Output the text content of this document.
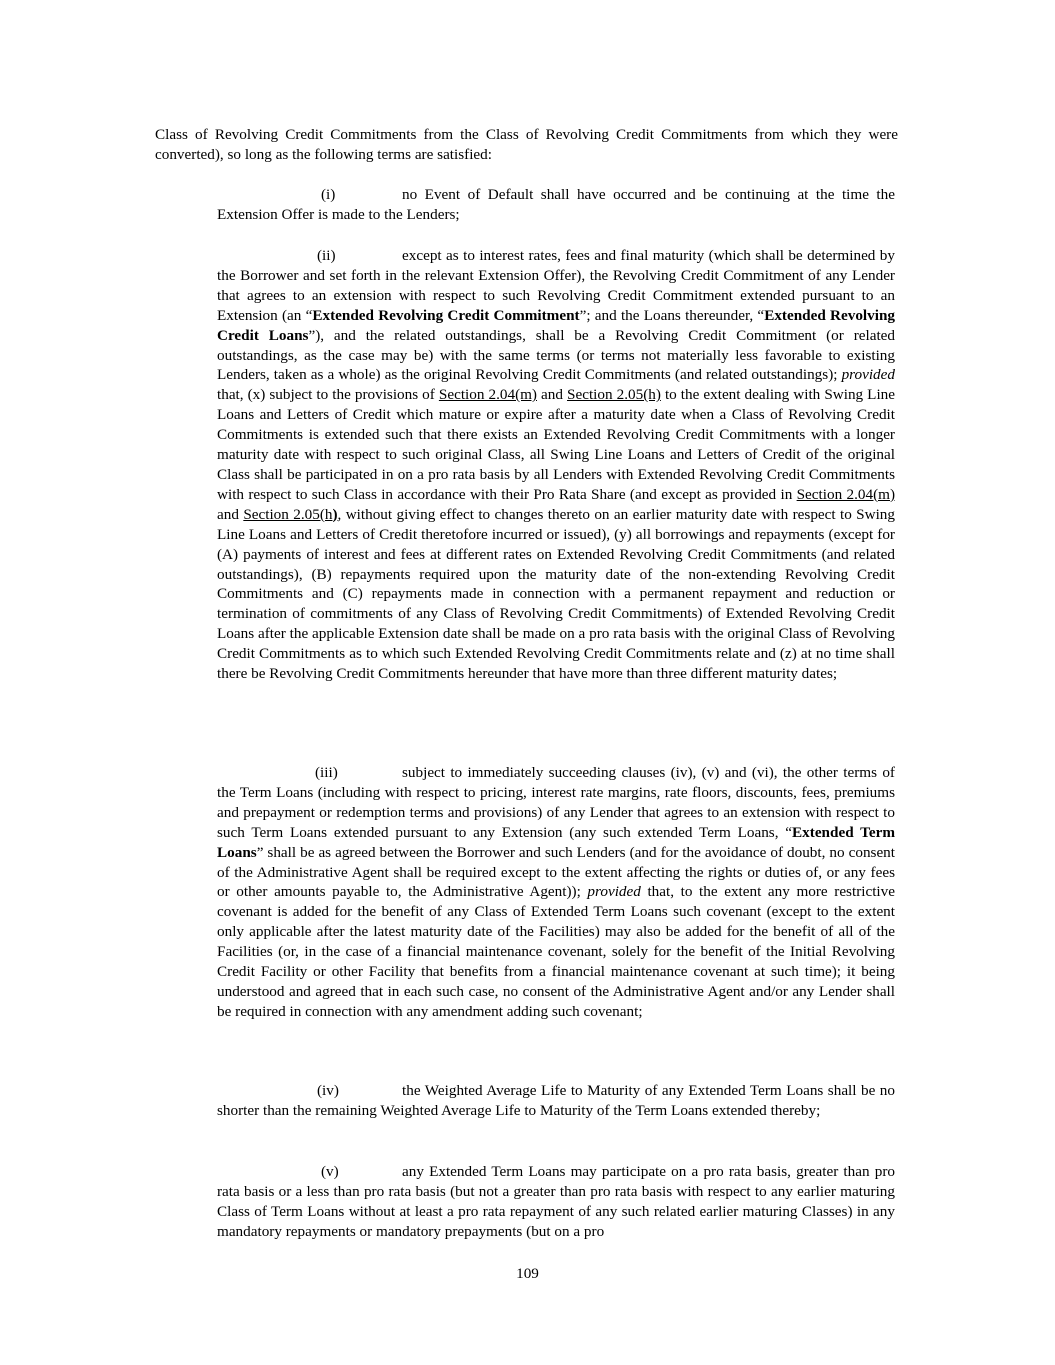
Class of Revolving Credit Commitments from the Class of Revolving Credit Commitments from which they were converted), so long as the following terms are satisfied:

(i)	no Event of Default shall have occurred and be continuing at the time the Extension Offer is made to the Lenders;

(ii)	except as to interest rates, fees and final maturity (which shall be determined by the Borrower and set forth in the relevant Extension Offer), the Revolving Credit Commitment of any Lender that agrees to an extension with respect to such Revolving Credit Commitment extended pursuant to an Extension (an “Extended Revolving Credit Commitment”; and the Loans thereunder, “Extended Revolving Credit Loans”), and the related outstandings, shall be a Revolving Credit Commitment (or related outstandings, as the case may be) with the same terms (or terms not materially less favorable to existing Lenders, taken as a whole) as the original Revolving Credit Commitments (and related outstandings); provided that, (x) subject to the provisions of Section 2.04(m) and Section 2.05(h) to the extent dealing with Swing Line Loans and Letters of Credit which mature or expire after a maturity date when a Class of Revolving Credit Commitments is extended such that there exists an Extended Revolving Credit Commitments with a longer maturity date with respect to such original Class, all Swing Line Loans and Letters of Credit of the original Class shall be participated in on a pro rata basis by all Lenders with Extended Revolving Credit Commitments with respect to such Class in accordance with their Pro Rata Share (and except as provided in Section 2.04(m) and Section 2.05(h), without giving effect to changes thereto on an earlier maturity date with respect to Swing Line Loans and Letters of Credit theretofore incurred or issued), (y) all borrowings and repayments (except for (A) payments of interest and fees at different rates on Extended Revolving Credit Commitments (and related outstandings), (B) repayments required upon the maturity date of the non-extending Revolving Credit Commitments and (C) repayments made in connection with a permanent repayment and reduction or termination of commitments of any Class of Revolving Credit Commitments) of Extended Revolving Credit Loans after the applicable Extension date shall be made on a pro rata basis with the original Class of Revolving Credit Commitments as to which such Extended Revolving Credit Commitments relate and (z) at no time shall there be Revolving Credit Commitments hereunder that have more than three different maturity dates;

(iii)	subject to immediately succeeding clauses (iv), (v) and (vi), the other terms of the Term Loans (including with respect to pricing, interest rate margins, rate floors, discounts, fees, premiums and prepayment or redemption terms and provisions) of any Lender that agrees to an extension with respect to such Term Loans extended pursuant to any Extension (any such extended Term Loans, “Extended Term Loans” shall be as agreed between the Borrower and such Lenders (and for the avoidance of doubt, no consent of the Administrative Agent shall be required except to the extent affecting the rights or duties of, or any fees or other amounts payable to, the Administrative Agent)); provided that, to the extent any more restrictive covenant is added for the benefit of any Class of Extended Term Loans such covenant (except to the extent only applicable after the latest maturity date of the Facilities) may also be added for the benefit of all of the Facilities (or, in the case of a financial maintenance covenant, solely for the benefit of the Initial Revolving Credit Facility or other Facility that benefits from a financial maintenance covenant at such time); it being understood and agreed that in each such case, no consent of the Administrative Agent and/or any Lender shall be required in connection with any amendment adding such covenant;

(iv)	the Weighted Average Life to Maturity of any Extended Term Loans shall be no shorter than the remaining Weighted Average Life to Maturity of the Term Loans extended thereby;

(v)	any Extended Term Loans may participate on a pro rata basis, greater than pro rata basis or a less than pro rata basis (but not a greater than pro rata basis with respect to any earlier maturing Class of Term Loans without at least a pro rata repayment of any such related earlier maturing Classes) in any mandatory repayments or mandatory prepayments (but on a pro

109
